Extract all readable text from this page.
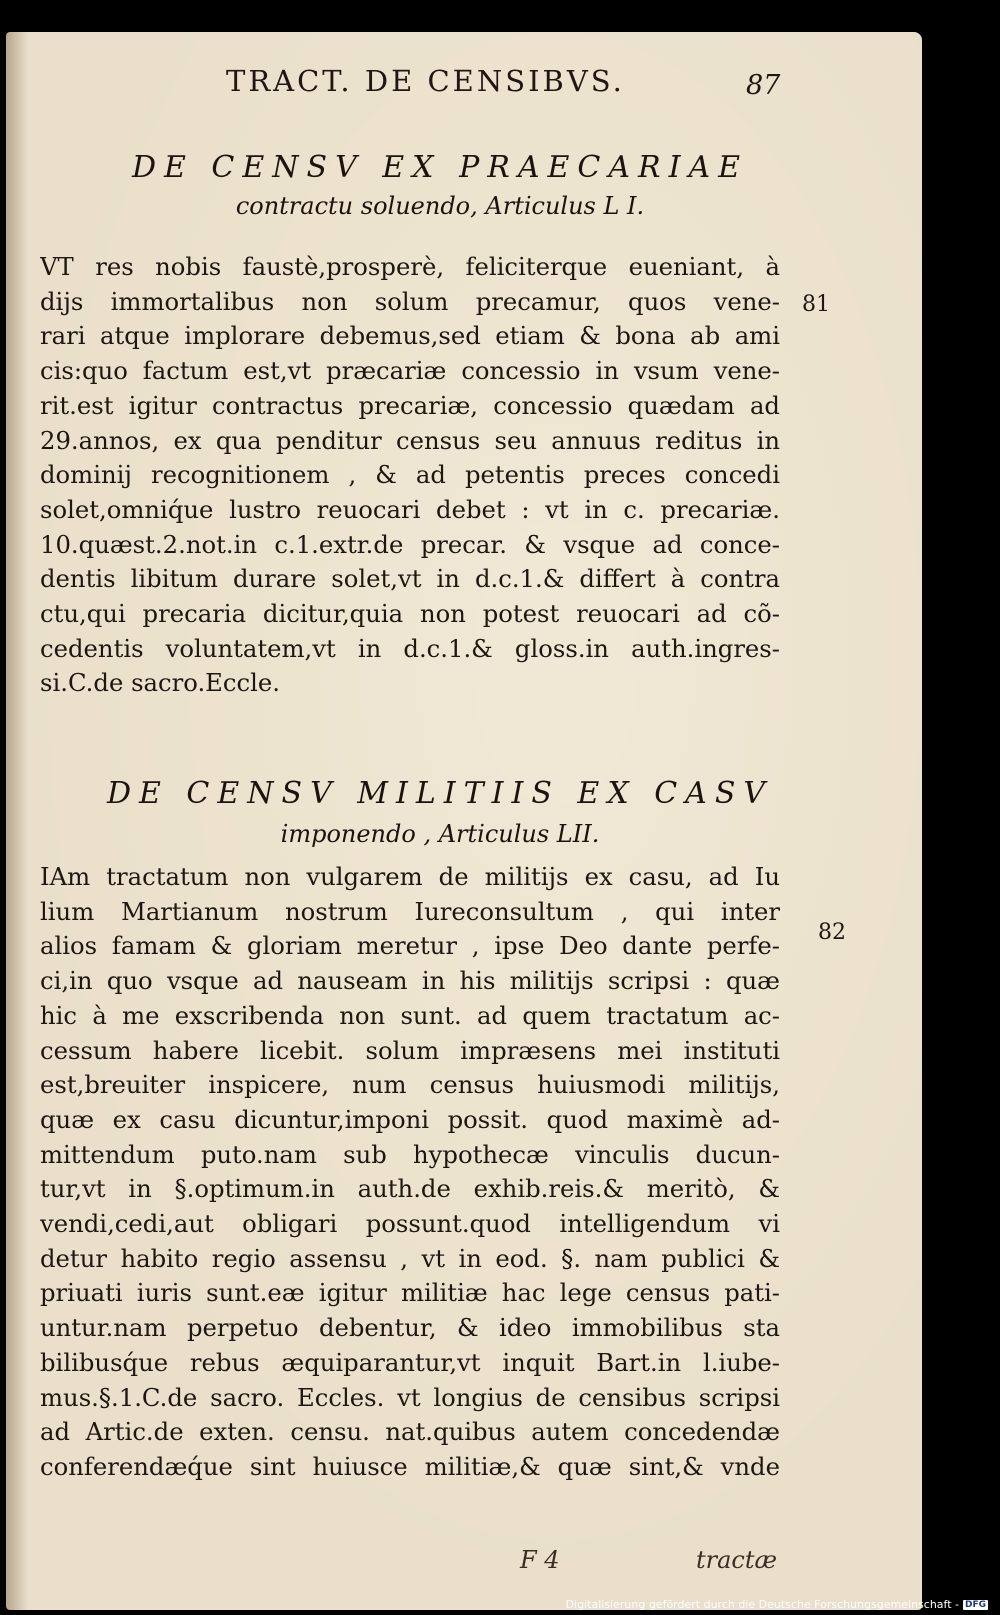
TRACT. DE CENSIBVS.	87
DE CENSV EX PRAECARIAE
contractu soluendo, Articulus L I.
VT res nobis faustè,prosperè, feliciterque eueniant, à
dijs immortalibus non solum precamur, quos vene-
rari atque implorare debemus,sed etiam & bona ab ami
cis:quo factum est,vt præcariæ concessio in vsum vene-
rit.est igitur contractus precariæ, concessio quædam ad
29.annos, ex qua penditur census seu annuus reditus in
dominij recognitionem , & ad petentis preces concedi
solet,omniq́ue lustro reuocari debet : vt in c. precariæ.
10.quæst.2.not.in c.1.extr.de precar. & vsque ad conce-
dentis libitum durare solet,vt in d.c.1.& differt à contra
ctu,qui precaria dicitur,quia non potest reuocari ad cõ-
cedentis voluntatem,vt in d.c.1.& gloss.in auth.ingres-
si.C.de sacro.Eccle.
81
DE CENSV MILITIIS EX CASV
imponendo , Articulus LII.
IAm tractatum non vulgarem de militijs ex casu, ad Iu
lium Martianum nostrum Iureconsultum , qui inter
alios famam & gloriam meretur , ipse Deo dante perfe-
ci,in quo vsque ad nauseam in his militijs scripsi : quæ
hic à me exscribenda non sunt. ad quem tractatum ac-
cessum habere licebit. solum impræsens mei instituti
est,breuiter inspicere, num census huiusmodi militijs,
quæ ex casu dicuntur,imponi possit. quod maximè ad-
mittendum puto.nam sub hypothecæ vinculis ducun-
tur,vt in §.optimum.in auth.de exhib.reis.& meritò, &
vendi,cedi,aut obligari possunt.quod intelligendum vi
detur habito regio assensu , vt in eod. §. nam publici &
priuati iuris sunt.eæ igitur militiæ hac lege census pati-
untur.nam perpetuo debentur, & ideo immobilibus sta
bilibusq́ue rebus æquiparantur,vt inquit Bart.in l.iube-
mus.§.1.C.de sacro. Eccles. vt longius de censibus scripsi
ad Artic.de exten. censu. nat.quibus autem concedendæ
conferendæq́ue sint huiusce militiæ,& quæ sint,& vnde
82
F 4	tractæ
Digitalisierung gefördert durch die Deutsche Forschungsgemeinschaft - DFG
